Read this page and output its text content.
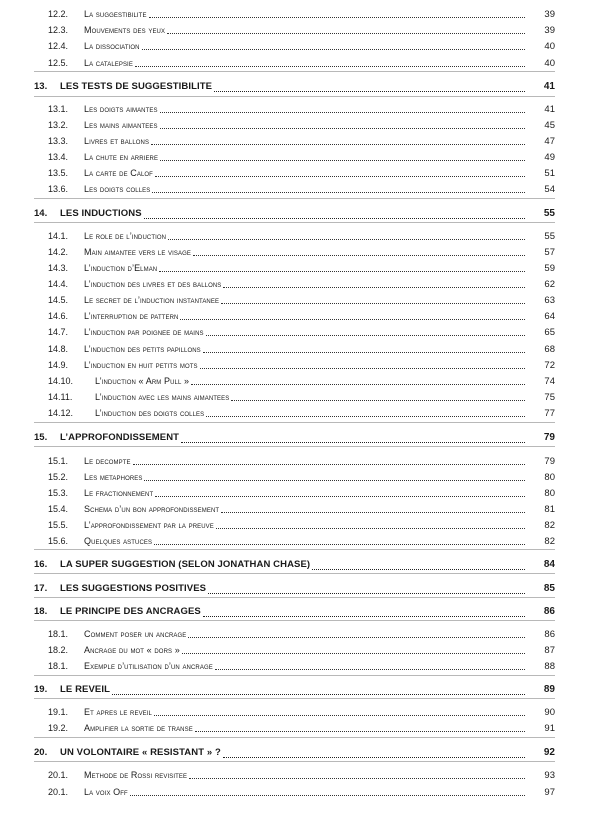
12.2.	La suggestibilite	39
12.3.	Mouvements des yeux	39
12.4.	La dissociation	40
12.5.	La catalepsie	40
13.	LES TESTS DE SUGGESTIBILITE	41
13.1.	Les doigts aimantes	41
13.2.	Les mains aimantees	45
13.3.	Livres et ballons	47
13.4.	La chute en arriere	49
13.5.	La carte de Calof	51
13.6.	Les doigts colles	54
14.	LES INDUCTIONS	55
14.1.	Le role de l’induction	55
14.2.	Main aimantee vers le visage	57
14.3.	L’induction d’Elman	59
14.4.	L’induction des livres et des ballons	62
14.5.	Le secret de l’induction instantanee	63
14.6.	L’interruption de pattern	64
14.7.	L’induction par poignee de mains	65
14.8.	L’induction des petits papillons	68
14.9.	L’induction en huit petits mots	72
14.10.	L’induction « Arm Pull »	74
14.11.	L’induction avec les mains aimantees	75
14.12.	L’induction des doigts colles	77
15.	L’APPROFONDISSEMENT	79
15.1.	Le decompte	79
15.2.	Les metaphores	80
15.3.	Le fractionnement	80
15.4.	Schema d’un bon approfondissement	81
15.5.	L’approfondissement par la preuve	82
15.6.	Quelques astuces	82
16.	LA SUPER SUGGESTION (SELON JONATHAN CHASE)	84
17.	LES SUGGESTIONS POSITIVES	85
18.	LE PRINCIPE DES ANCRAGES	86
18.1.	Comment poser un ancrage	86
18.2.	Ancrage du mot « dors »	87
18.1.	Exemple d’utilisation d’un ancrage	88
19.	LE REVEIL	89
19.1.	Et apres le reveil	90
19.2.	Amplifier la sortie de transe	91
20.	UN VOLONTAIRE « RESISTANT » ?	92
20.1.	Methode de Rossi revisitee	93
20.1.	La voix Off	97
